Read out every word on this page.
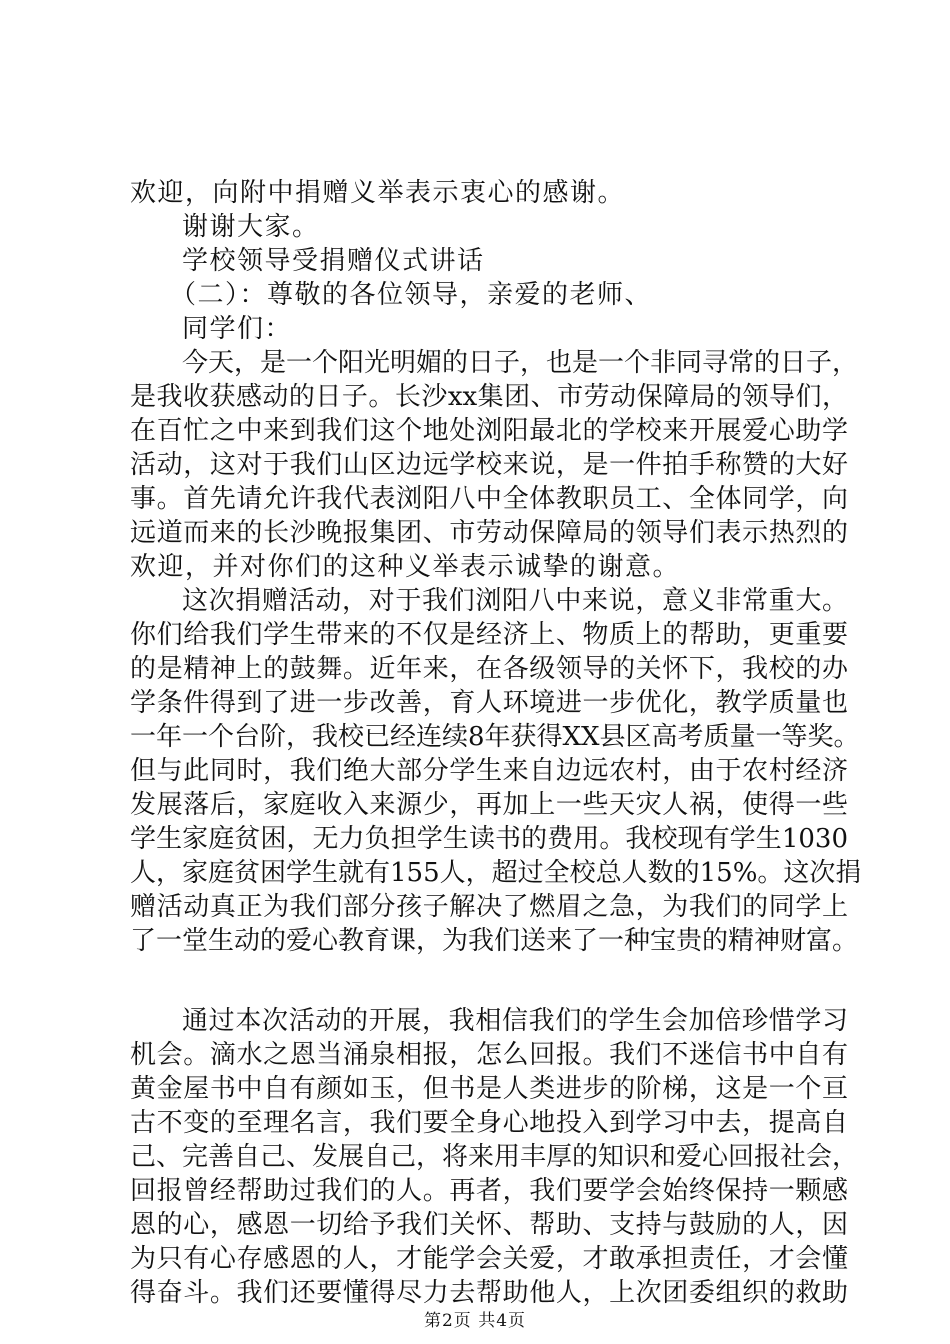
欢迎，向附中捐赠义举表示衷心的感谢。
谢谢大家。
学校领导受捐赠仪式讲话
（二）：尊敬的各位领导，亲爱的老师、
同学们：
今天，是一个阳光明媚的日子，也是一个非同寻常的日子，
是我收获感动的日子。长沙xx集团、市劳动保障局的领导们，
在百忙之中来到我们这个地处浏阳最北的学校来开展爱心助学
活动，这对于我们山区边远学校来说，是一件拍手称赞的大好
事。首先请允许我代表浏阳八中全体教职员工、全体同学，向
远道而来的长沙晚报集团、市劳动保障局的领导们表示热烈的
欢迎，并对你们的这种义举表示诚挚的谢意。
这次捐赠活动，对于我们浏阳八中来说，意义非常重大。
你们给我们学生带来的不仅是经济上、物质上的帮助，更重要
的是精神上的鼓舞。近年来，在各级领导的关怀下，我校的办
学条件得到了进一步改善，育人环境进一步优化，教学质量也
一年一个台阶，我校已经连续8年获得XX县区高考质量一等奖。
但与此同时，我们绝大部分学生来自边远农村，由于农村经济
发展落后，家庭收入来源少，再加上一些天灾人祸，使得一些
学生家庭贫困，无力负担学生读书的费用。我校现有学生1030
人，家庭贫困学生就有155人，超过全校总人数的15%。这次捐
赠活动真正为我们部分孩子解决了燃眉之急，为我们的同学上
了一堂生动的爱心教育课，为我们送来了一种宝贵的精神财富。
通过本次活动的开展，我相信我们的学生会加倍珍惜学习
机会。滴水之恩当涌泉相报，怎么回报。我们不迷信书中自有
黄金屋书中自有颜如玉，但书是人类进步的阶梯，这是一个亘
古不变的至理名言，我们要全身心地投入到学习中去，提高自
己、完善自己、发展自己，将来用丰厚的知识和爱心回报社会，
回报曾经帮助过我们的人。再者，我们要学会始终保持一颗感
恩的心，感恩一切给予我们关怀、帮助、支持与鼓励的人，因
为只有心存感恩的人，才能学会关爱，才敢承担责任，才会懂
得奋斗。我们还要懂得尽力去帮助他人，上次团委组织的救助
第2页 共4页
